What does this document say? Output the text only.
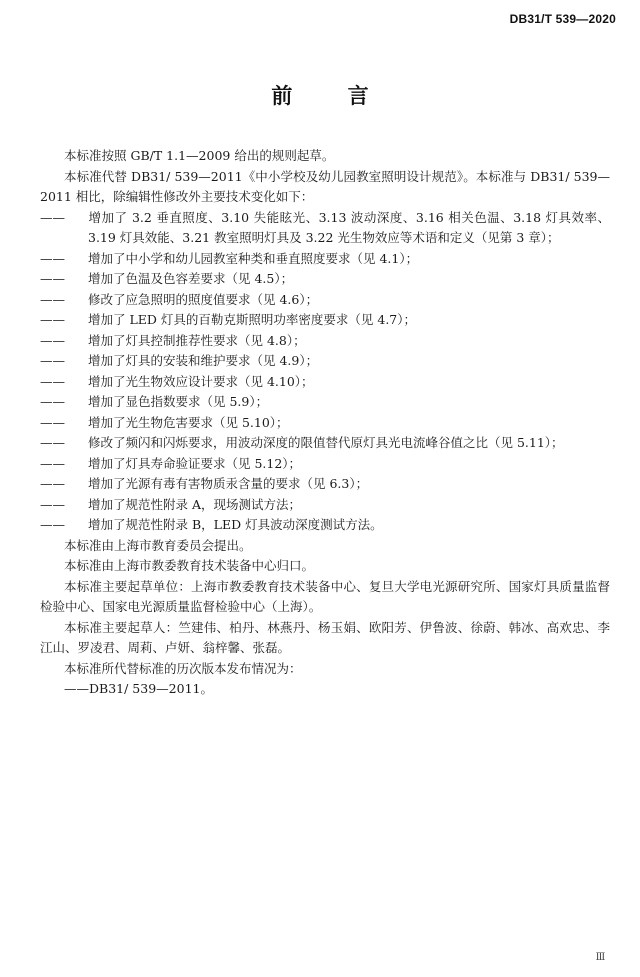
DB31/T 539—2020
前 言

本标准按照 GB/T 1.1—2009 给出的规则起草。

本标准代替 DB31/ 539—2011《中小学校及幼儿园教室照明设计规范》。本标准与 DB31/ 539—2011 相比，除编辑性修改外主要技术变化如下：

—— 增加了 3.2 垂直照度、3.10 失能眩光、3.13 波动深度、3.16 相关色温、3.18 灯具效率、3.19 灯具效能、3.21 教室照明灯具及 3.22 光生物效应等术语和定义（见第 3 章）；

—— 增加了中小学和幼儿园教室种类和垂直照度要求（见 4.1）；

—— 增加了色温及色容差要求（见 4.5）；

—— 修改了应急照明的照度值要求（见 4.6）；

—— 增加了 LED 灯具的百勒克斯照明功率密度要求（见 4.7）；

—— 增加了灯具控制推荐性要求（见 4.8）；

—— 增加了灯具的安装和维护要求（见 4.9）；

—— 增加了光生物效应设计要求（见 4.10）；

—— 增加了显色指数要求（见 5.9）；

—— 增加了光生物危害要求（见 5.10）；

—— 修改了频闪和闪烁要求，用波动深度的限值替代原灯具光电流峰谷值之比（见 5.11）；

—— 增加了灯具寿命验证要求（见 5.12）；

—— 增加了光源有毒有害物质汞含量的要求（见 6.3）；

—— 增加了规范性附录 A，现场测试方法；

—— 增加了规范性附录 B，LED 灯具波动深度测试方法。

本标准由上海市教育委员会提出。

本标准由上海市教委教育技术装备中心归口。

本标准主要起草单位：上海市教委教育技术装备中心、复旦大学电光源研究所、国家灯具质量监督检验中心、国家电光源质量监督检验中心（上海）。

本标准主要起草人：竺建伟、柏丹、林燕丹、杨玉娟、欧阳芳、伊鲁波、徐蔚、韩冰、高欢忠、李江山、罗凌君、周莉、卢妍、翁梓馨、张磊。

本标准所代替标准的历次版本发布情况为：

——DB31/ 539—2011。

Ⅲ
